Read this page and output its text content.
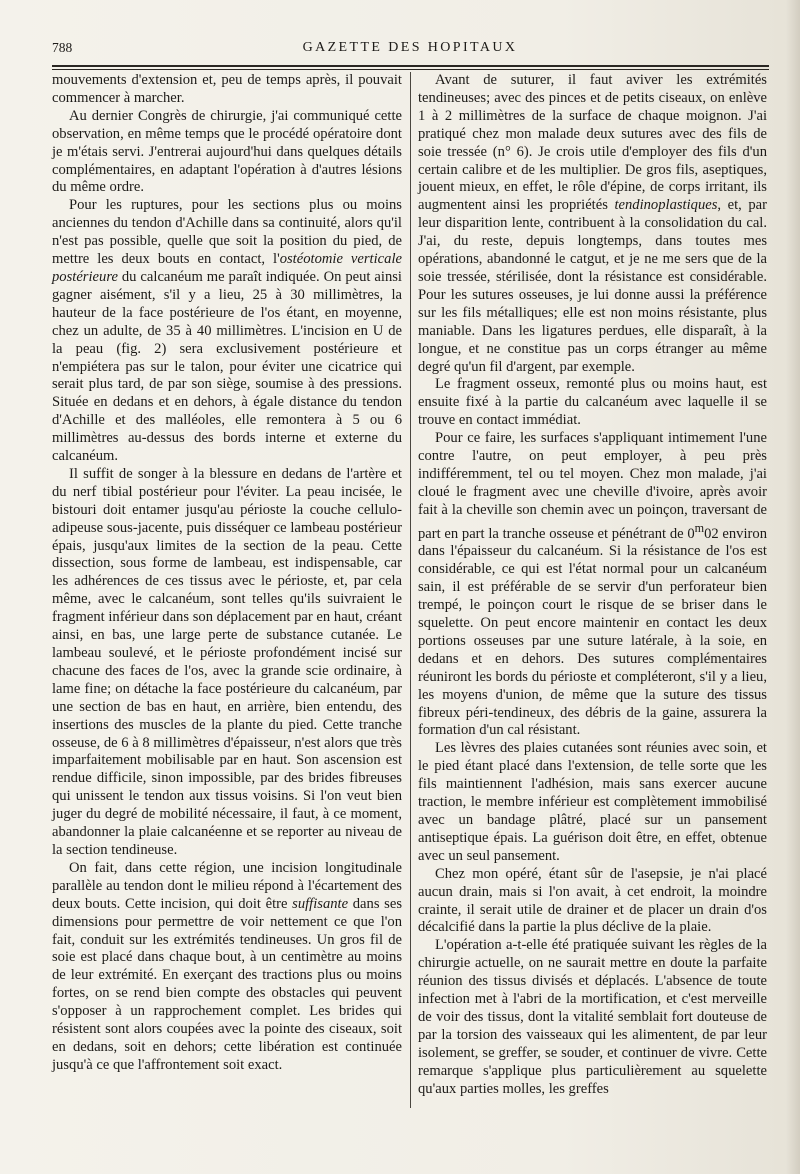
788	GAZETTE DES HOPITAUX

mouvements d'extension et, peu de temps après, il pouvait commencer à marcher.

Au dernier Congrès de chirurgie, j'ai communiqué cette observation, en même temps que le procédé opératoire dont je m'étais servi. J'entrerai aujourd'hui dans quelques détails complémentaires, en adaptant l'opération à d'autres lésions du même ordre.

Pour les ruptures, pour les sections plus ou moins anciennes du tendon d'Achille dans sa continuité, alors qu'il n'est pas possible, quelle que soit la position du pied, de mettre les deux bouts en contact, l'ostéotomie verticale postérieure du calcanéum me paraît indiquée. On peut ainsi gagner aisément, s'il y a lieu, 25 à 30 millimètres, la hauteur de la face postérieure de l'os étant, en moyenne, chez un adulte, de 35 à 40 millimètres. L'incision en U de la peau (fig. 2) sera exclusivement postérieure et n'empiétera pas sur le talon, pour éviter une cicatrice qui serait plus tard, de par son siège, soumise à des pressions. Située en dedans et en dehors, à égale distance du tendon d'Achille et des malléoles, elle remontera à 5 ou 6 millimètres au-dessus des bords interne et externe du calcanéum.

Il suffit de songer à la blessure en dedans de l'artère et du nerf tibial postérieur pour l'éviter. La peau incisée, le bistouri doit entamer jusqu'au périoste la couche cellulo-adipeuse sous-jacente, puis disséquer ce lambeau postérieur épais, jusqu'aux limites de la section de la peau. Cette dissection, sous forme de lambeau, est indispensable, car les adhérences de ces tissus avec le périoste, et, par cela même, avec le calcanéum, sont telles qu'ils suivraient le fragment inférieur dans son déplacement par en haut, créant ainsi, en bas, une large perte de substance cutanée. Le lambeau soulevé, et le périoste profondément incisé sur chacune des faces de l'os, avec la grande scie ordinaire, à lame fine; on détache la face postérieure du calcanéum, par une section de bas en haut, en arrière, bien entendu, des insertions des muscles de la plante du pied. Cette tranche osseuse, de 6 à 8 millimètres d'épaisseur, n'est alors que très imparfaitement mobilisable par en haut. Son ascension est rendue difficile, sinon impossible, par des brides fibreuses qui unissent le tendon aux tissus voisins. Si l'on veut bien juger du degré de mobilité nécessaire, il faut, à ce moment, abandonner la plaie calcanéenne et se reporter au niveau de la section tendineuse.

On fait, dans cette région, une incision longitudinale parallèle au tendon dont le milieu répond à l'écartement des deux bouts. Cette incision, qui doit être suffisante dans ses dimensions pour permettre de voir nettement ce que l'on fait, conduit sur les extrémités tendineuses. Un gros fil de soie est placé dans chaque bout, à un centimètre au moins de leur extrémité. En exerçant des tractions plus ou moins fortes, on se rend bien compte des obstacles qui peuvent s'opposer à un rapprochement complet. Les brides qui résistent sont alors coupées avec la pointe des ciseaux, soit en dedans, soit en dehors; cette libération est continuée jusqu'à ce que l'affrontement soit exact.

Avant de suturer, il faut aviver les extrémités tendineuses; avec des pinces et de petits ciseaux, on enlève 1 à 2 millimètres de la surface de chaque moignon. J'ai pratiqué chez mon malade deux sutures avec des fils de soie tressée (n° 6). Je crois utile d'employer des fils d'un certain calibre et de les multiplier. De gros fils, aseptiques, jouent mieux, en effet, le rôle d'épine, de corps irritant, ils augmentent ainsi les propriétés tendinoplastiques, et, par leur disparition lente, contribuent à la consolidation du cal. J'ai, du reste, depuis longtemps, dans toutes mes opérations, abandonné le catgut, et je ne me sers que de la soie tressée, stérilisée, dont la résistance est considérable. Pour les sutures osseuses, je lui donne aussi la préférence sur les fils métalliques; elle est non moins résistante, plus maniable. Dans les ligatures perdues, elle disparaît, à la longue, et ne constitue pas un corps étranger au même degré qu'un fil d'argent, par exemple.

Le fragment osseux, remonté plus ou moins haut, est ensuite fixé à la partie du calcanéum avec laquelle il se trouve en contact immédiat.

Pour ce faire, les surfaces s'appliquant intimement l'une contre l'autre, on peut employer, à peu près indifféremment, tel ou tel moyen. Chez mon malade, j'ai cloué le fragment avec une cheville d'ivoire, après avoir fait à la cheville son chemin avec un poinçon, traversant de part en part la tranche osseuse et pénétrant de 0$^m$02 environ dans l'épaisseur du calcanéum. Si la résistance de l'os est considérable, ce qui est l'état normal pour un calcanéum sain, il est préférable de se servir d'un perforateur bien trempé, le poinçon court le risque de se briser dans le squelette. On peut encore maintenir en contact les deux portions osseuses par une suture latérale, à la soie, en dedans et en dehors. Des sutures complémentaires réuniront les bords du périoste et compléteront, s'il y a lieu, les moyens d'union, de même que la suture des tissus fibreux péri-tendineux, des débris de la gaine, assurera la formation d'un cal résistant.

Les lèvres des plaies cutanées sont réunies avec soin, et le pied étant placé dans l'extension, de telle sorte que les fils maintiennent l'adhésion, mais sans exercer aucune traction, le membre inférieur est complètement immobilisé avec un bandage plâtré, placé sur un pansement antiseptique épais. La guérison doit être, en effet, obtenue avec un seul pansement.

Chez mon opéré, étant sûr de l'asepsie, je n'ai placé aucun drain, mais si l'on avait, à cet endroit, la moindre crainte, il serait utile de drainer et de placer un drain d'os décalcifié dans la partie la plus déclive de la plaie.

L'opération a-t-elle été pratiquée suivant les règles de la chirurgie actuelle, on ne saurait mettre en doute la parfaite réunion des tissus divisés et déplacés. L'absence de toute infection met à l'abri de la mortification, et c'est merveille de voir des tissus, dont la vitalité semblait fort douteuse de par la torsion des vaisseaux qui les alimentent, de par leur isolement, se greffer, se souder, et continuer de vivre. Cette remarque s'applique plus particulièrement au squelette qu'aux parties molles, les greffes
